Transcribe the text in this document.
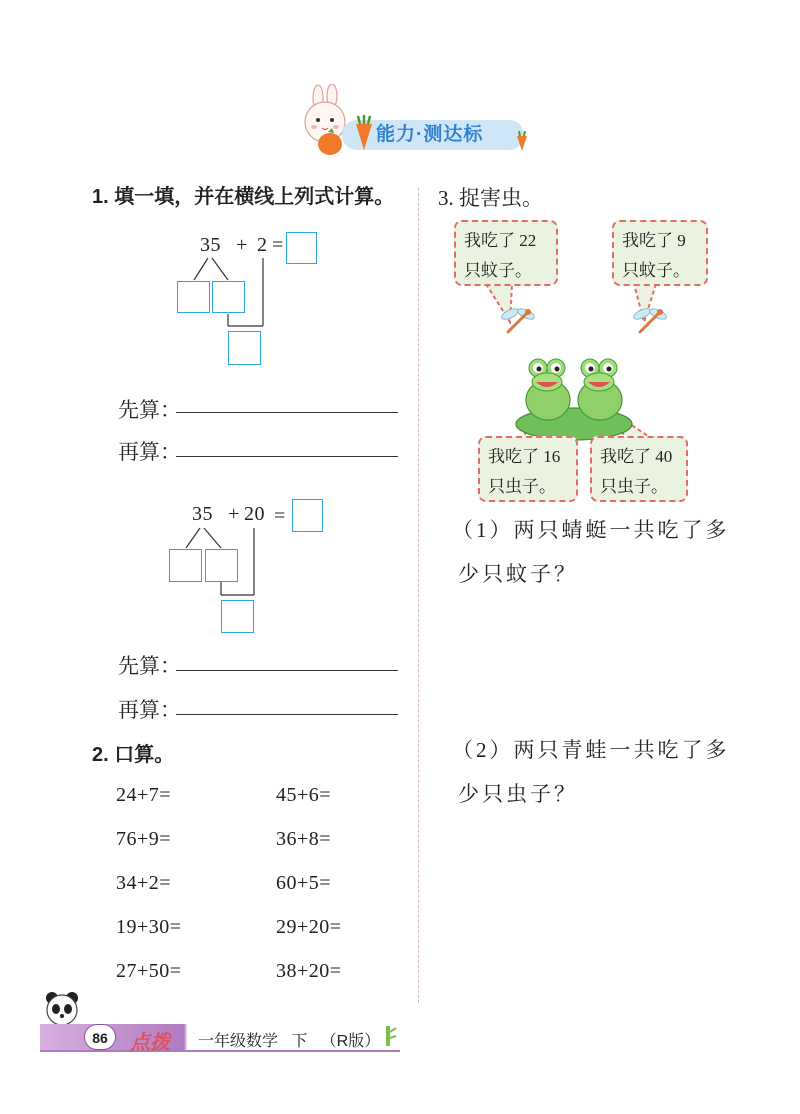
能力·测达标
1. 填一填，并在横线上列式计算。
35 + 2 =
先算：
再算：
35 + 20 =
先算：
再算：
2. 口算。
24+7=	45+6=
76+9=	36+8=
34+2=	60+5=
19+30=	29+20=
27+50=	38+20=
3. 捉害虫。
我吃了 22
只蚊子。
我吃了 9
只蚊子。
我吃了 16
只虫子。
我吃了 40
只虫子。
（1）两只蜻蜓一共吃了多
少只蚊子？
（2）两只青蛙一共吃了多
少只虫子？
86	点拨 一年级数学   下   （R版）
